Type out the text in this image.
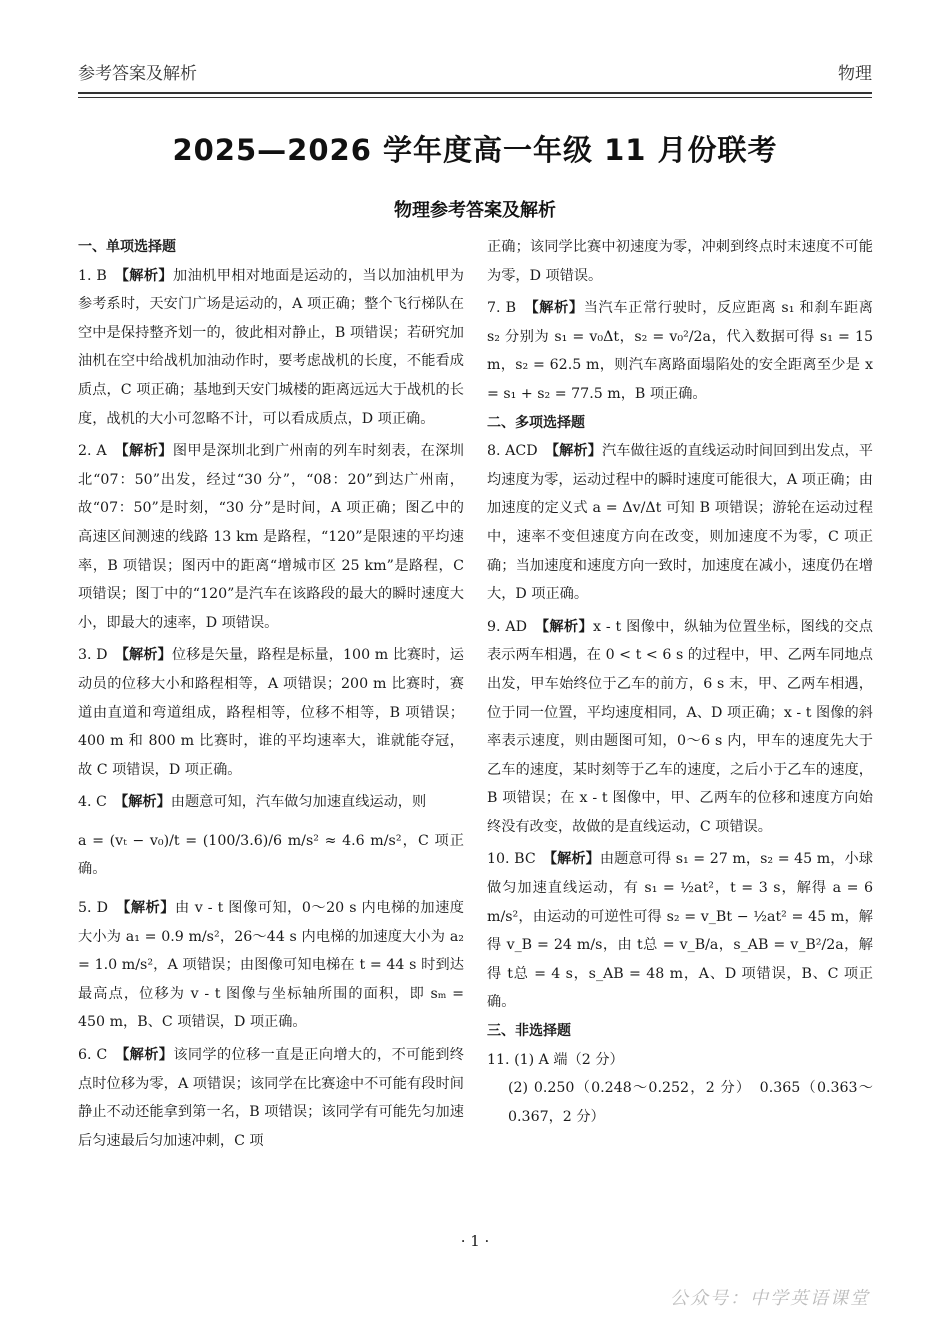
参考答案及解析	物理
2025—2026 学年度高一年级 11 月份联考
物理参考答案及解析
一、单项选择题
1. B　 【解析】加油机甲相对地面是运动的，当以加油机甲为参考系时，天安门广场是运动的，A 项正确；整个飞行梯队在空中是保持整齐划一的，彼此相对静止，B 项错误；若研究加油机在空中给战机加油动作时，要考虑战机的长度，不能看成质点，C 项正确；基地到天安门城楼的距离远远大于战机的长度，战机的大小可忽略不计，可以看成质点，D 项正确。
2. A　 【解析】图甲是深圳北到广州南的列车时刻表，在深圳北“07：50”出发，经过“30 分”，“08：20”到达广州南，故“07：50”是时刻，“30 分”是时间，A 项正确；图乙中的高速区间测速的线路 13 km 是路程，“120”是限速的平均速率，B 项错误；图丙中的距离“增城市区 25 km”是路程，C 项错误；图丁中的“120”是汽车在该路段的最大的瞬时速度大小，即最大的速率，D 项错误。
3. D　 【解析】位移是矢量，路程是标量，100 m 比赛时，运动员的位移大小和路程相等，A 项错误；200 m 比赛时，赛道由直道和弯道组成，路程相等，位移不相等，B 项错误；400 m 和 800 m 比赛时，谁的平均速率大，谁就能夺冠，故 C 项错误，D 项正确。
4. C　 【解析】由题意可知，汽车做匀加速直线运动，则
a = (vₜ − v₀)/t = (100/3.6)/6 m/s² ≈ 4.6 m/s²，C 项正确。
5. D　 【解析】由 v - t 图像可知，0～20 s 内电梯的加速度大小为 a₁ = 0.9 m/s²，26～44 s 内电梯的加速度大小为 a₂ = 1.0 m/s²，A 项错误；由图像可知电梯在 t = 44 s 时到达最高点，位移为 v - t 图像与坐标轴所围的面积，即 sₘ = 450 m，B、C 项错误，D 项正确。
6. C　 【解析】该同学的位移一直是正向增大的，不可能到终点时位移为零，A 项错误；该同学在比赛途中不可能有段时间静止不动还能拿到第一名，B 项错误；该同学有可能先匀加速后匀速最后匀加速冲刺，C 项
正确；该同学比赛中初速度为零，冲刺到终点时末速度不可能为零，D 项错误。
7. B　 【解析】当汽车正常行驶时，反应距离 s₁ 和刹车距离 s₂ 分别为 s₁ = v₀Δt，s₂ = v₀²/2a，代入数据可得 s₁ = 15 m，s₂ = 62.5 m，则汽车离路面塌陷处的安全距离至少是 x = s₁ + s₂ = 77.5 m，B 项正确。
二、多项选择题
8. ACD　 【解析】汽车做往返的直线运动时间回到出发点，平均速度为零，运动过程中的瞬时速度可能很大，A 项正确；由加速度的定义式 a = Δv/Δt 可知 B 项错误；游轮在运动过程中，速率不变但速度方向在改变，则加速度不为零，C 项正确；当加速度和速度方向一致时，加速度在减小，速度仍在增大，D 项正确。
9. AD　 【解析】x - t 图像中，纵轴为位置坐标，图线的交点表示两车相遇，在 0 < t < 6 s 的过程中，甲、乙两车同地点出发，甲车始终位于乙车的前方，6 s 末，甲、乙两车相遇，位于同一位置，平均速度相同，A、D 项正确；x - t 图像的斜率表示速度，则由题图可知，0～6 s 内，甲车的速度先大于乙车的速度，某时刻等于乙车的速度，之后小于乙车的速度，B 项错误；在 x - t 图像中，甲、乙两车的位移和速度方向始终没有改变，故做的是直线运动，C 项错误。
10. BC　 【解析】由题意可得 s₁ = 27 m，s₂ = 45 m，小球做匀加速直线运动，有 s₁ = ½at²，t = 3 s，解得 a = 6 m/s²，由运动的可逆性可得 s₂ = v_Bt − ½at² = 45 m，解得 v_B = 24 m/s，由 t总 = v_B/a，s_AB = v_B²/2a，解得 t总 = 4 s，s_AB = 48 m，A、D 项错误，B、C 项正确。
三、非选择题
11. (1) A 端（2 分）
(2) 0.250（0.248～0.252，2 分）　0.365（0.363～0.367，2 分）
· 1 ·
公众号：中学英语课堂
